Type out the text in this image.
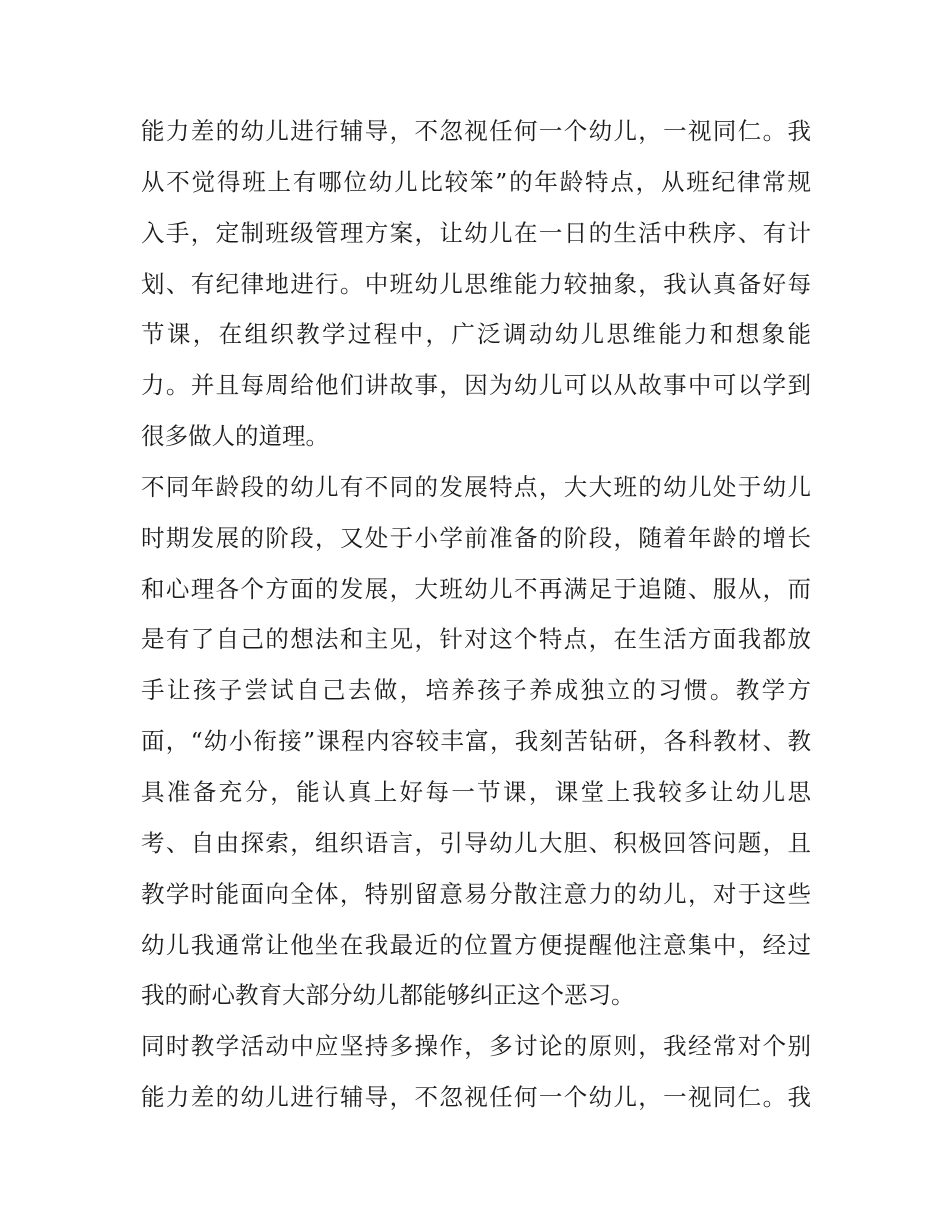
能力差的幼儿进行辅导，不忽视任何一个幼儿，一视同仁。我
从不觉得班上有哪位幼儿比较笨”的年龄特点，从班纪律常规
入手，定制班级管理方案，让幼儿在一日的生活中秩序、有计
划、有纪律地进行。中班幼儿思维能力较抽象，我认真备好每
节课，在组织教学过程中，广泛调动幼儿思维能力和想象能
力。并且每周给他们讲故事，因为幼儿可以从故事中可以学到
很多做人的道理。
不同年龄段的幼儿有不同的发展特点，大大班的幼儿处于幼儿
时期发展的阶段，又处于小学前准备的阶段，随着年龄的增长
和心理各个方面的发展，大班幼儿不再满足于追随、服从，而
是有了自己的想法和主见，针对这个特点，在生活方面我都放
手让孩子尝试自己去做，培养孩子养成独立的习惯。教学方
面，“幼小衔接”课程内容较丰富，我刻苦钻研，各科教材、教
具准备充分，能认真上好每一节课，课堂上我较多让幼儿思
考、自由探索，组织语言，引导幼儿大胆、积极回答问题，且
教学时能面向全体，特别留意易分散注意力的幼儿，对于这些
幼儿我通常让他坐在我最近的位置方便提醒他注意集中，经过
我的耐心教育大部分幼儿都能够纠正这个恶习。
同时教学活动中应坚持多操作，多讨论的原则，我经常对个别
能力差的幼儿进行辅导，不忽视任何一个幼儿，一视同仁。我
